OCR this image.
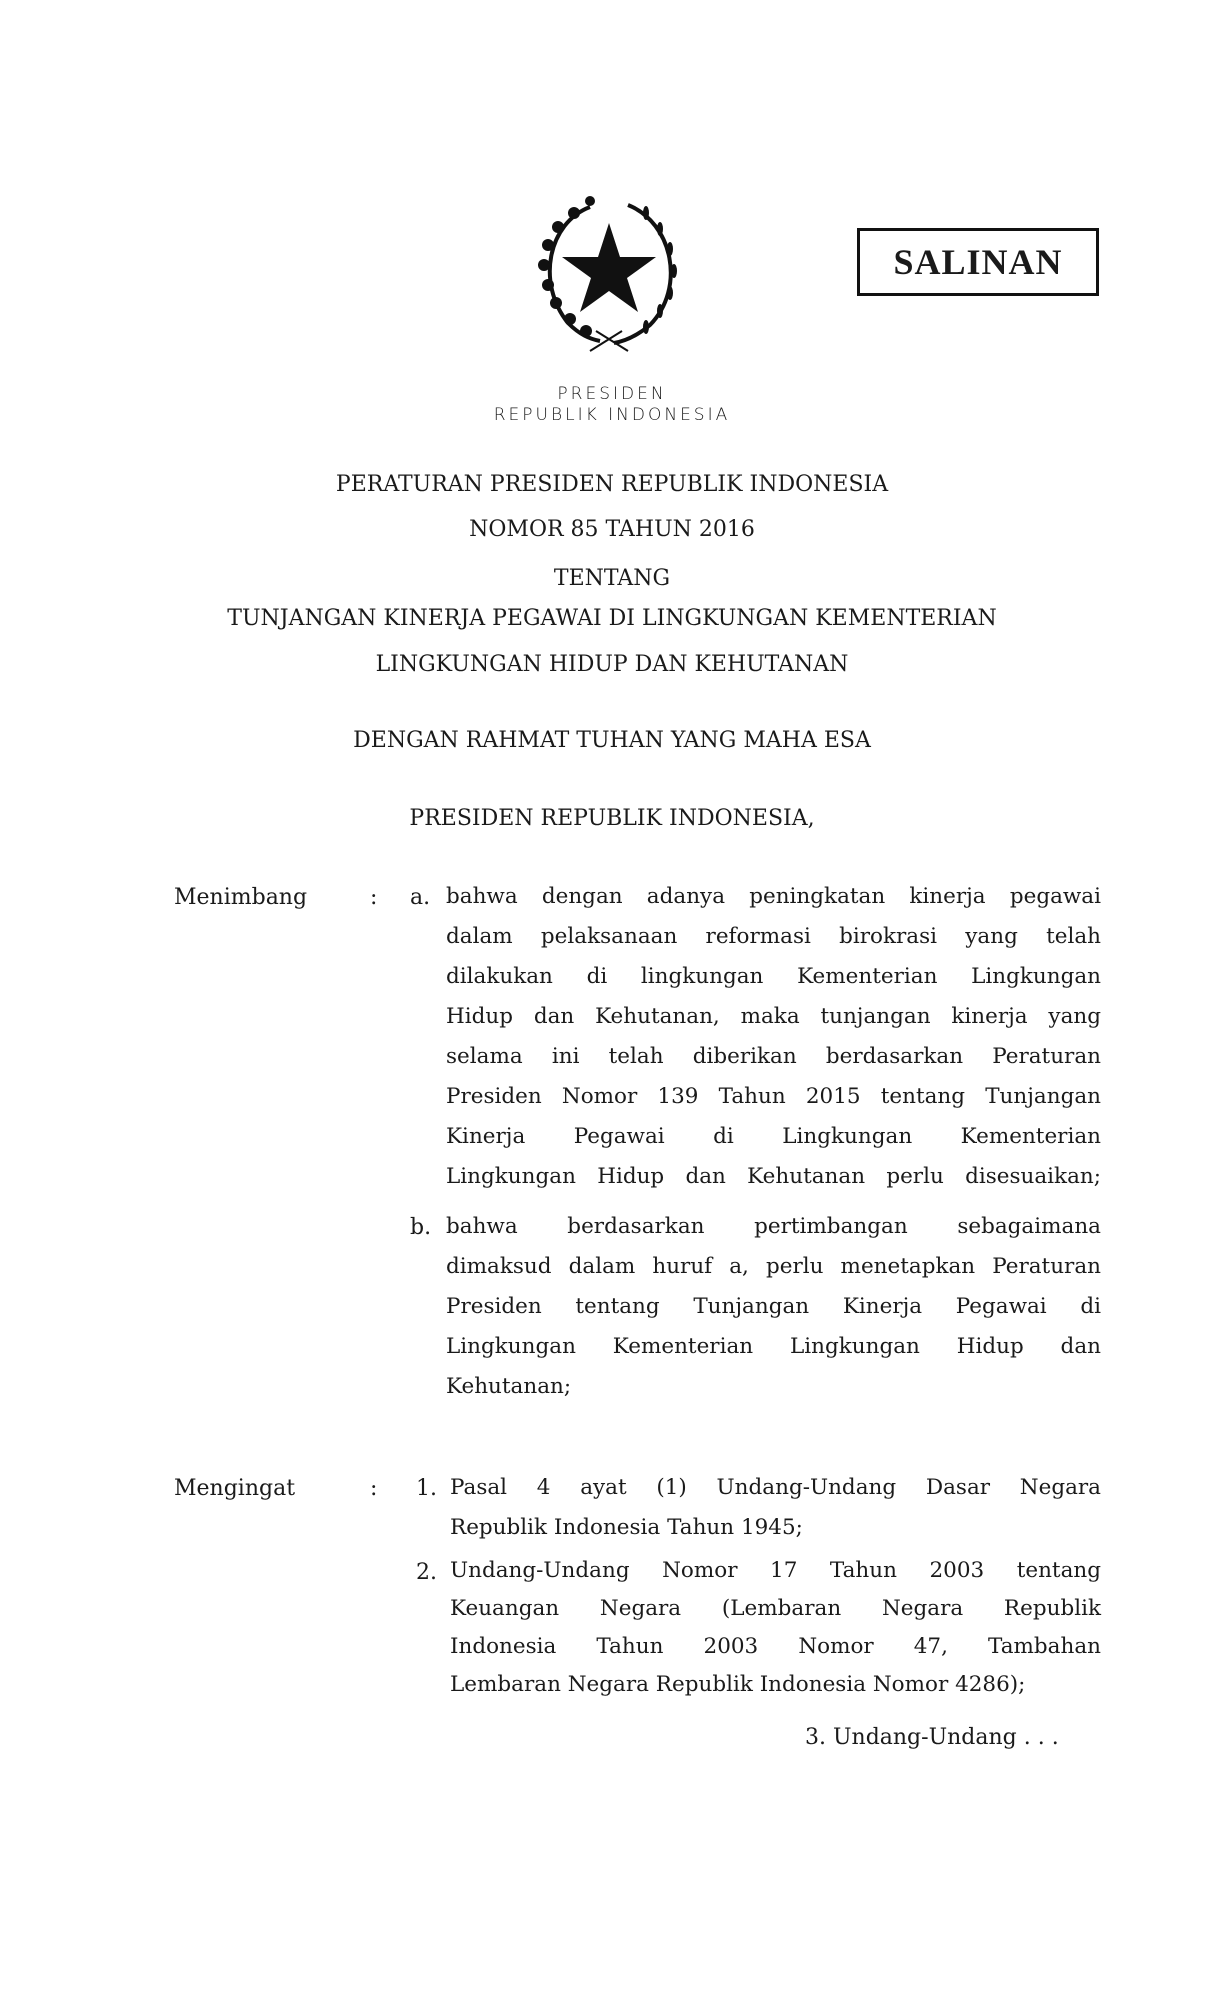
SALINAN
PRESIDEN
REPUBLIK INDONESIA
PERATURAN PRESIDEN REPUBLIK INDONESIA
NOMOR 85 TAHUN 2016
TENTANG
TUNJANGAN KINERJA PEGAWAI DI LINGKUNGAN KEMENTERIAN
LINGKUNGAN HIDUP DAN KEHUTANAN
DENGAN RAHMAT TUHAN YANG MAHA ESA
PRESIDEN REPUBLIK INDONESIA,
Menimbang	: a. bahwa dengan adanya peningkatan kinerja pegawai
dalam pelaksanaan reformasi birokrasi yang telah
dilakukan di lingkungan Kementerian Lingkungan
Hidup dan Kehutanan, maka tunjangan kinerja yang
selama ini telah diberikan berdasarkan Peraturan
Presiden Nomor 139 Tahun 2015 tentang Tunjangan
Kinerja Pegawai di Lingkungan Kementerian
Lingkungan Hidup dan Kehutanan perlu disesuaikan;
b. bahwa berdasarkan pertimbangan sebagaimana
dimaksud dalam huruf a, perlu menetapkan Peraturan
Presiden tentang Tunjangan Kinerja Pegawai di
Lingkungan Kementerian Lingkungan Hidup dan
Kehutanan;
Mengingat	: 1. Pasal 4 ayat (1) Undang-Undang Dasar Negara
Republik Indonesia Tahun 1945;
2. Undang-Undang Nomor 17 Tahun 2003 tentang
Keuangan Negara (Lembaran Negara Republik
Indonesia Tahun 2003 Nomor 47, Tambahan
Lembaran Negara Republik Indonesia Nomor 4286);
3. Undang-Undang . . .
